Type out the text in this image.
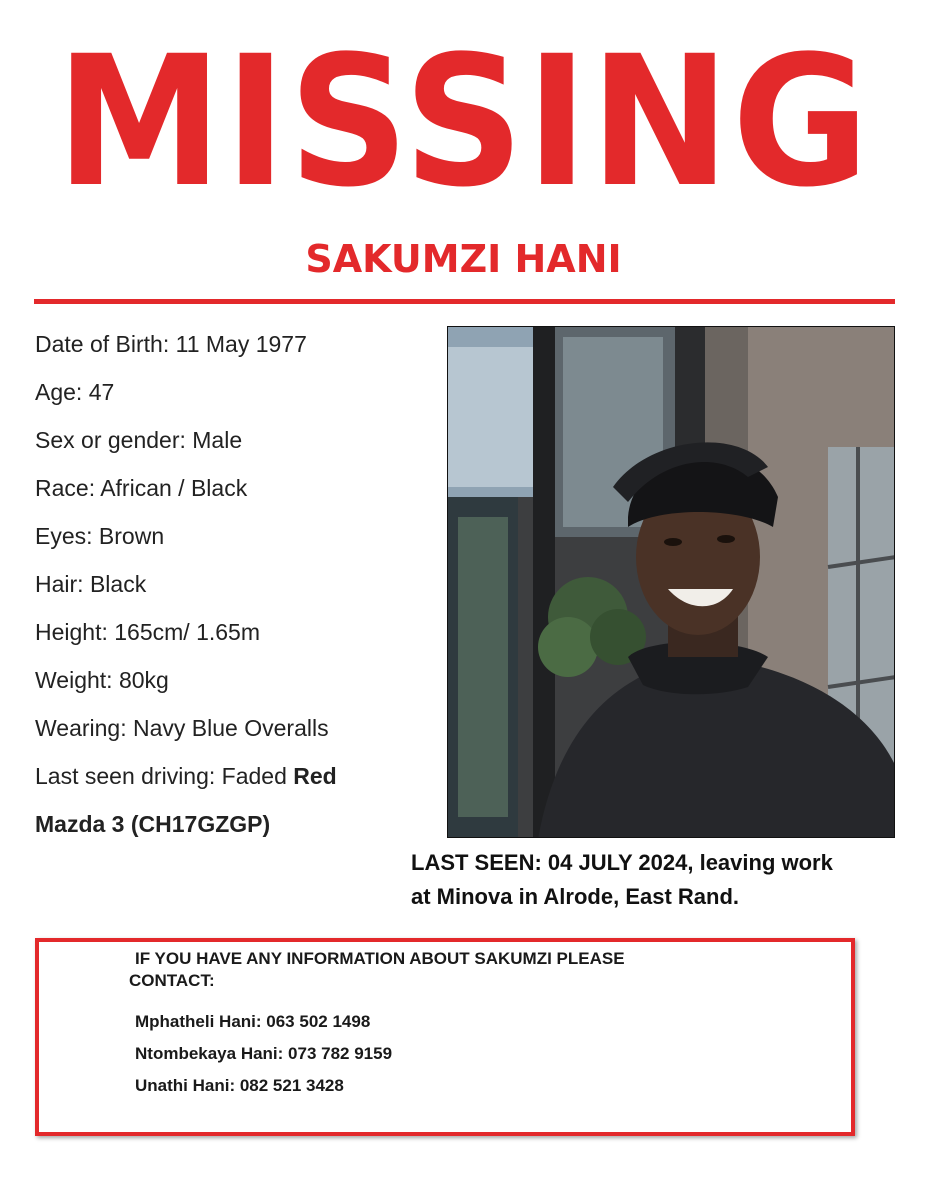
MISSING
SAKUMZI HANI
Date of Birth: 11 May 1977
Age: 47
Sex or gender: Male
Race: African / Black
Eyes: Brown
Hair: Black
Height: 165cm/ 1.65m
Weight: 80kg
Wearing: Navy Blue Overalls
Last seen driving: Faded Red
Mazda 3 (CH17GZGP)
LAST SEEN: 04 JULY 2024, leaving work
at Minova in Alrode, East Rand.
IF YOU HAVE ANY INFORMATION ABOUT SAKUMZI PLEASE
CONTACT:
Mphatheli Hani: 063 502 1498
Ntombekaya Hani: 073 782 9159
Unathi Hani: 082 521 3428
